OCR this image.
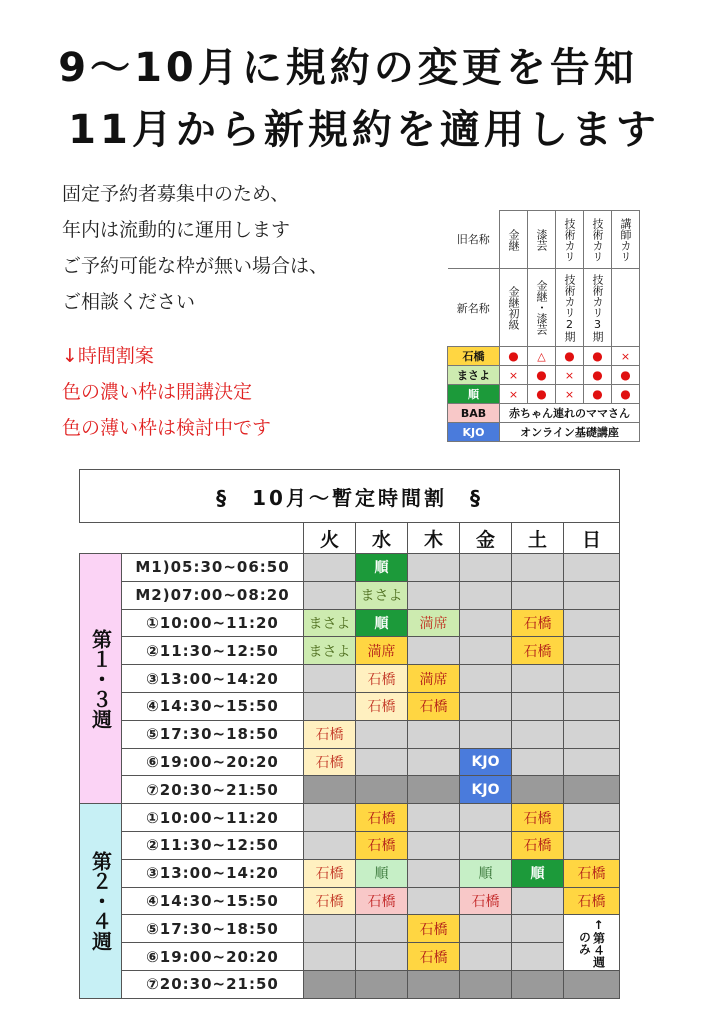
9～10月に規約の変更を告知
11月から新規約を適用します
固定予約者募集中のため、
年内は流動的に運用します
ご予約可能な枠が無い場合は、
ご相談ください
↓時間割案
色の濃い枠は開講決定
色の薄い枠は検討中です
旧名称	金継	漆芸	技術カリ	技術カリ	講師カリ

新名称	金継初級	金継・漆芸	技術カリ2期	技術カリ3期	

石橋	●	△	●	●	×
まさよ	×	●	×	●	●
順	×	●	×	●	●
BAB	赤ちゃん連れのママさん				
KJO	オンライン基礎講座				
§　10月～暫定時間割　§							
		火	水	木	金	土	日

第１・３週	M1)05:30~06:50		順				
	M2)07:00~08:20		まさよ				
	①10:00~11:20	まさよ	順	満席		石橋	
	②11:30~12:50	まさよ	満席			石橋	
	③13:00~14:20		石橋	満席			
	④14:30~15:50		石橋	石橋			
	⑤17:30~18:50	石橋					
	⑥19:00~20:20	石橋			KJO		
	⑦20:30~21:50				KJO		

第２・４週	①10:00~11:20		石橋			石橋	
	②11:30~12:50		石橋			石橋	
	③13:00~14:20	石橋	順		順	順	石橋
	④14:30~15:50	石橋	石橋		石橋		石橋
	⑤17:30~18:50			石橋			↑第４週のみ

	⑥19:00~20:20			石橋			
	⑦20:30~21:50						
